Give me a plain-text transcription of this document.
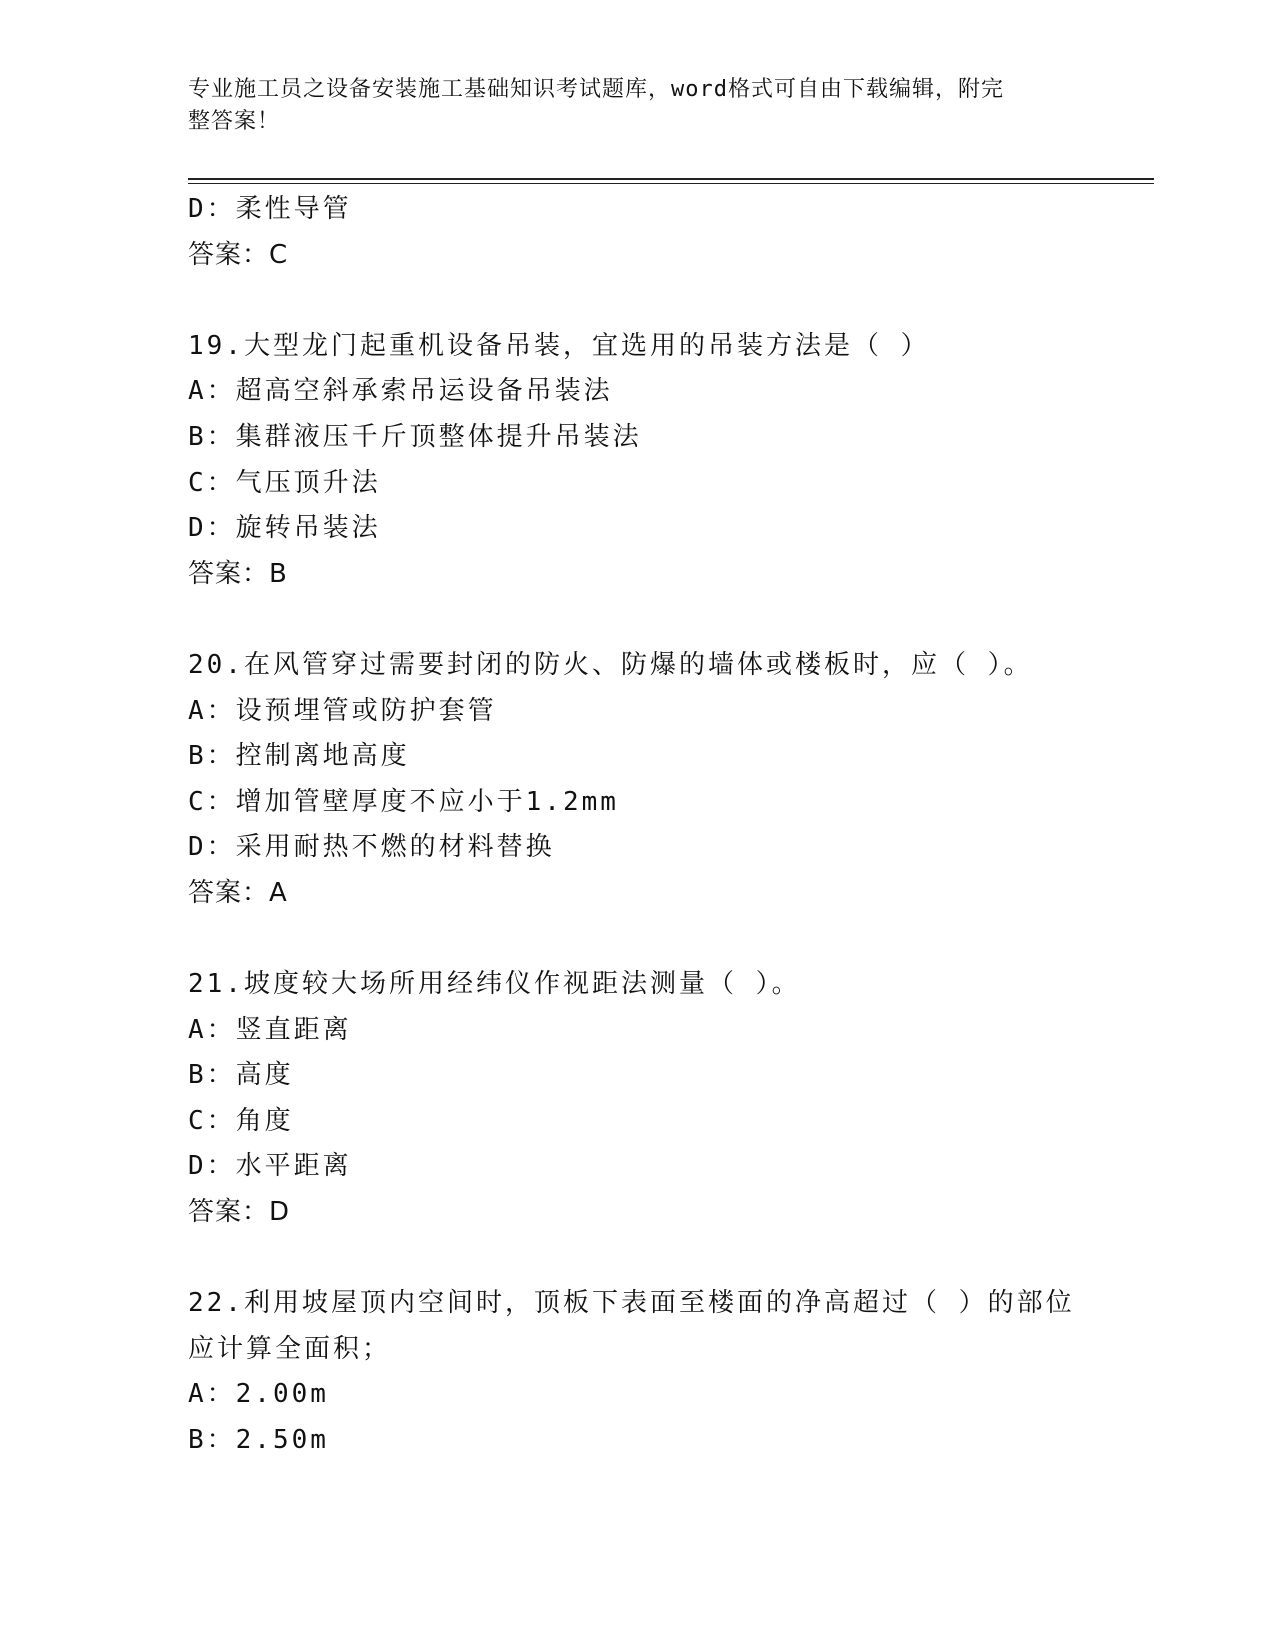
专业施工员之设备安装施工基础知识考试题库，word格式可自由下载编辑，附完
整答案！
D：柔性导管
答案：C
19.大型龙门起重机设备吊装，宜选用的吊装方法是（ ）
A：超高空斜承索吊运设备吊装法
B：集群液压千斤顶整体提升吊装法
C：气压顶升法
D：旋转吊装法
答案：B
20.在风管穿过需要封闭的防火、防爆的墙体或楼板时，应（ ）。
A：设预埋管或防护套管
B：控制离地高度
C：增加管壁厚度不应小于1.2mm
D：采用耐热不燃的材料替换
答案：A
21.坡度较大场所用经纬仪作视距法测量（ ）。
A：竖直距离
B：高度
C：角度
D：水平距离
答案：D
22.利用坡屋顶内空间时，顶板下表面至楼面的净高超过（ ）的部位
应计算全面积；
A：2.00m
B：2.50m
